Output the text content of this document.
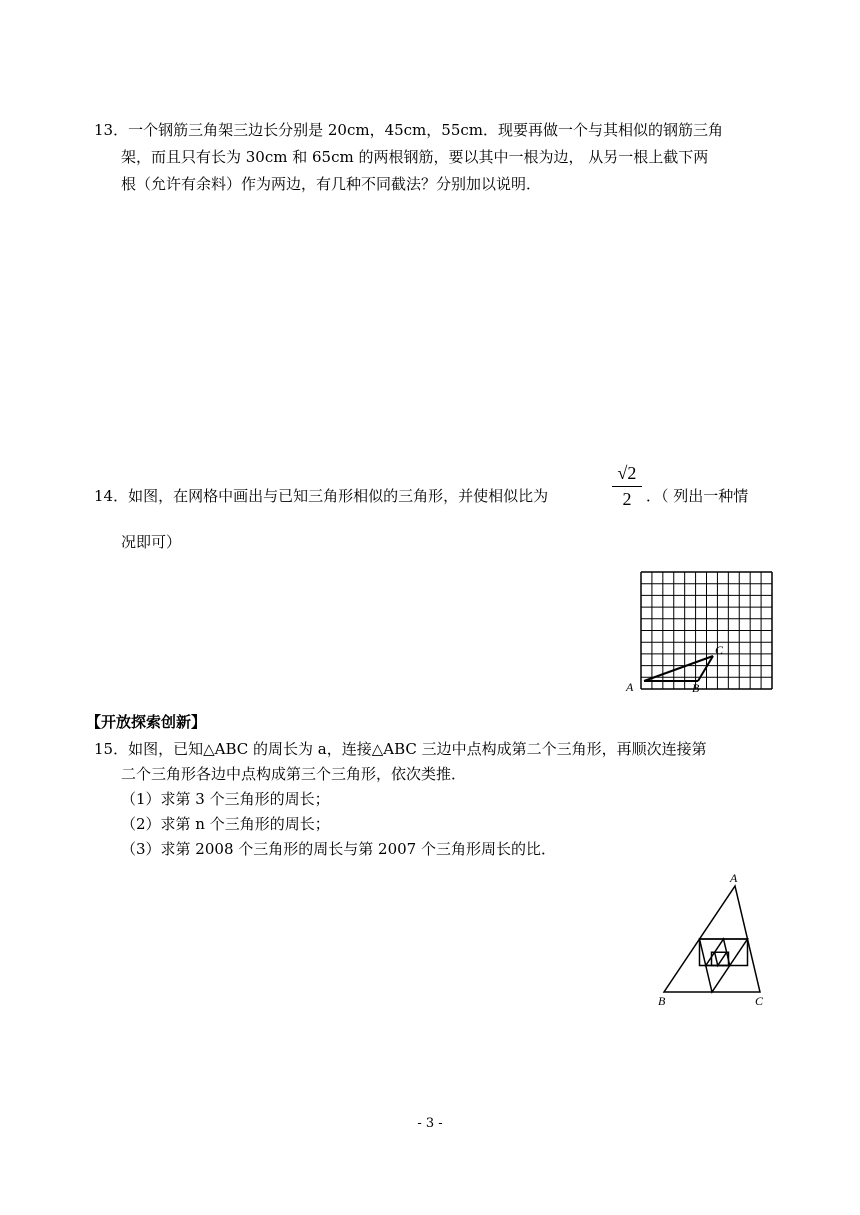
13．一个钢筋三角架三边长分别是 20cm，45cm，55cm．现要再做一个与其相似的钢筋三角
架，而且只有长为 30cm 和 65cm 的两根钢筋，要以其中一根为边， 从另一根上截下两
根（允许有余料）作为两边，有几种不同截法？分别加以说明．
14．如图，在网格中画出与已知三角形相似的三角形，并使相似比为
√2
2 ．（ 列出一种情
况即可）
A	B
C
【开放探索创新】
15．如图，已知△ABC 的周长为 a，连接△ABC 三边中点构成第二个三角形，再顺次连接第
二个三角形各边中点构成第三个三角形，依次类推．
（1）求第 3 个三角形的周长；
（2）求第 n 个三角形的周长；
（3）求第 2008 个三角形的周长与第 2007 个三角形周长的比．
A
B	C
- 3 -
